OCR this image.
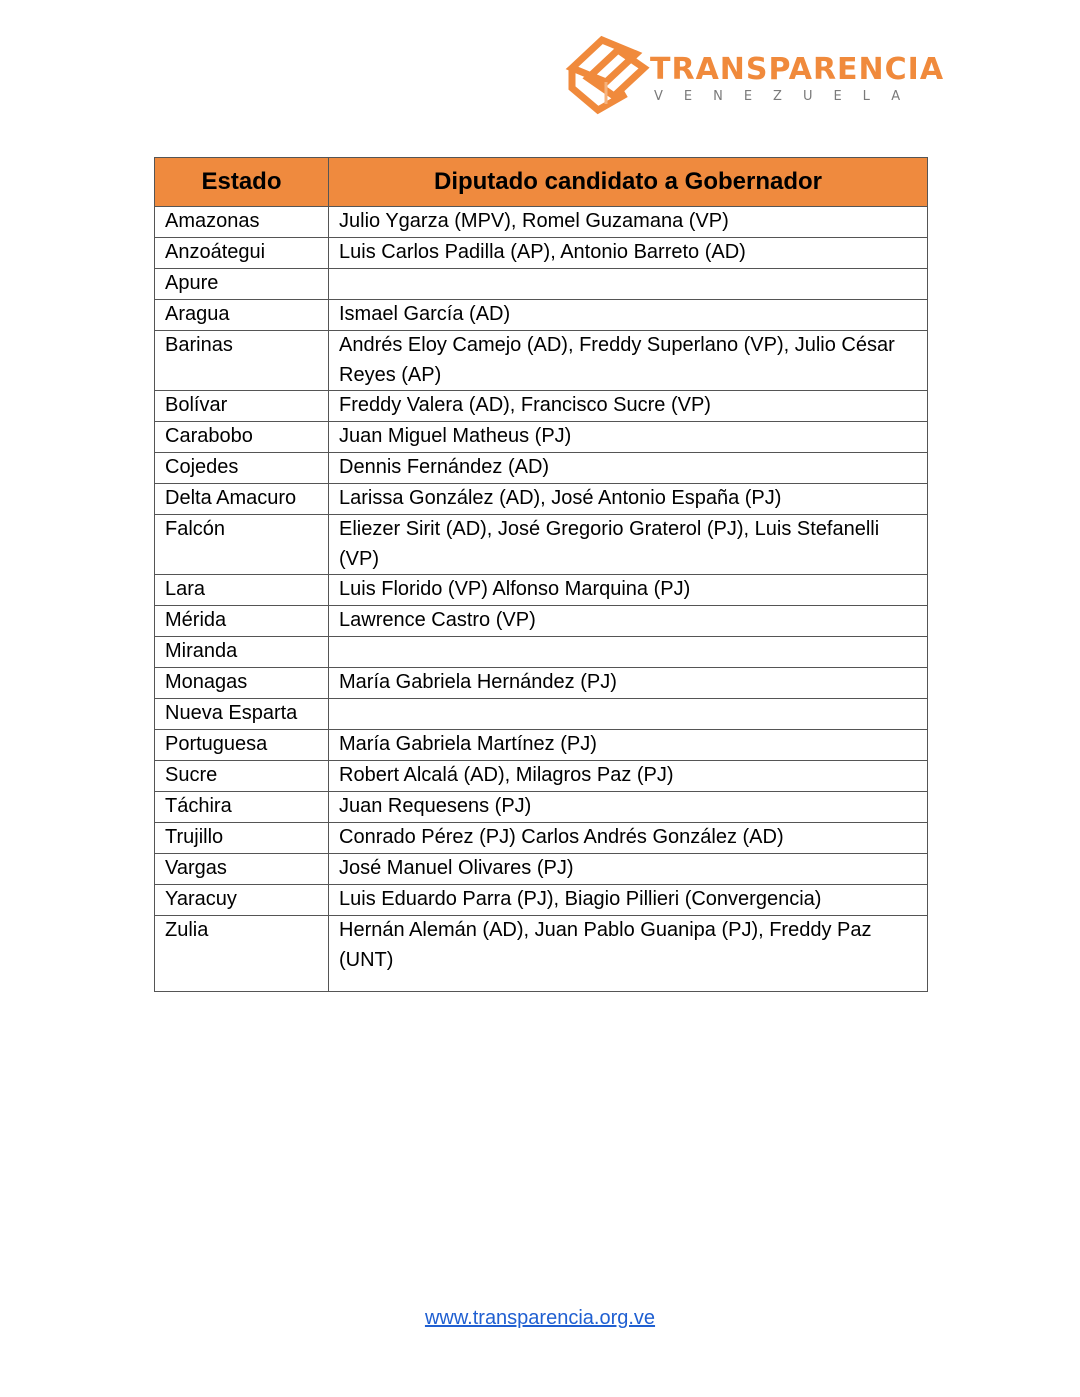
TRANSPARENCIA
VENEZUELA
Estado	Diputado candidato a Gobernador
Amazonas	Julio Ygarza (MPV), Romel Guzamana (VP)
Anzoátegui	Luis Carlos Padilla (AP), Antonio Barreto (AD)
Apure	
Aragua	Ismael García (AD)
Barinas	Andrés Eloy Camejo (AD), Freddy Superlano (VP), Julio César Reyes (AP)
Bolívar	Freddy Valera (AD), Francisco Sucre (VP)
Carabobo	Juan Miguel Matheus (PJ)
Cojedes	Dennis Fernández (AD)
Delta Amacuro	Larissa González (AD), José Antonio España (PJ)
Falcón	Eliezer Sirit (AD), José Gregorio Graterol (PJ), Luis Stefanelli (VP)
Lara	Luis Florido (VP) Alfonso Marquina (PJ)
Mérida	Lawrence Castro (VP)
Miranda	
Monagas	María Gabriela Hernández (PJ)
Nueva Esparta	
Portuguesa	María Gabriela Martínez (PJ)
Sucre	Robert Alcalá (AD), Milagros Paz (PJ)
Táchira	Juan Requesens (PJ)
Trujillo	Conrado Pérez (PJ) Carlos Andrés González (AD)
Vargas	José Manuel Olivares (PJ)
Yaracuy	Luis Eduardo Parra (PJ), Biagio Pillieri (Convergencia)
Zulia	Hernán Alemán (AD), Juan Pablo Guanipa (PJ), Freddy Paz (UNT)
www.transparencia.org.ve
